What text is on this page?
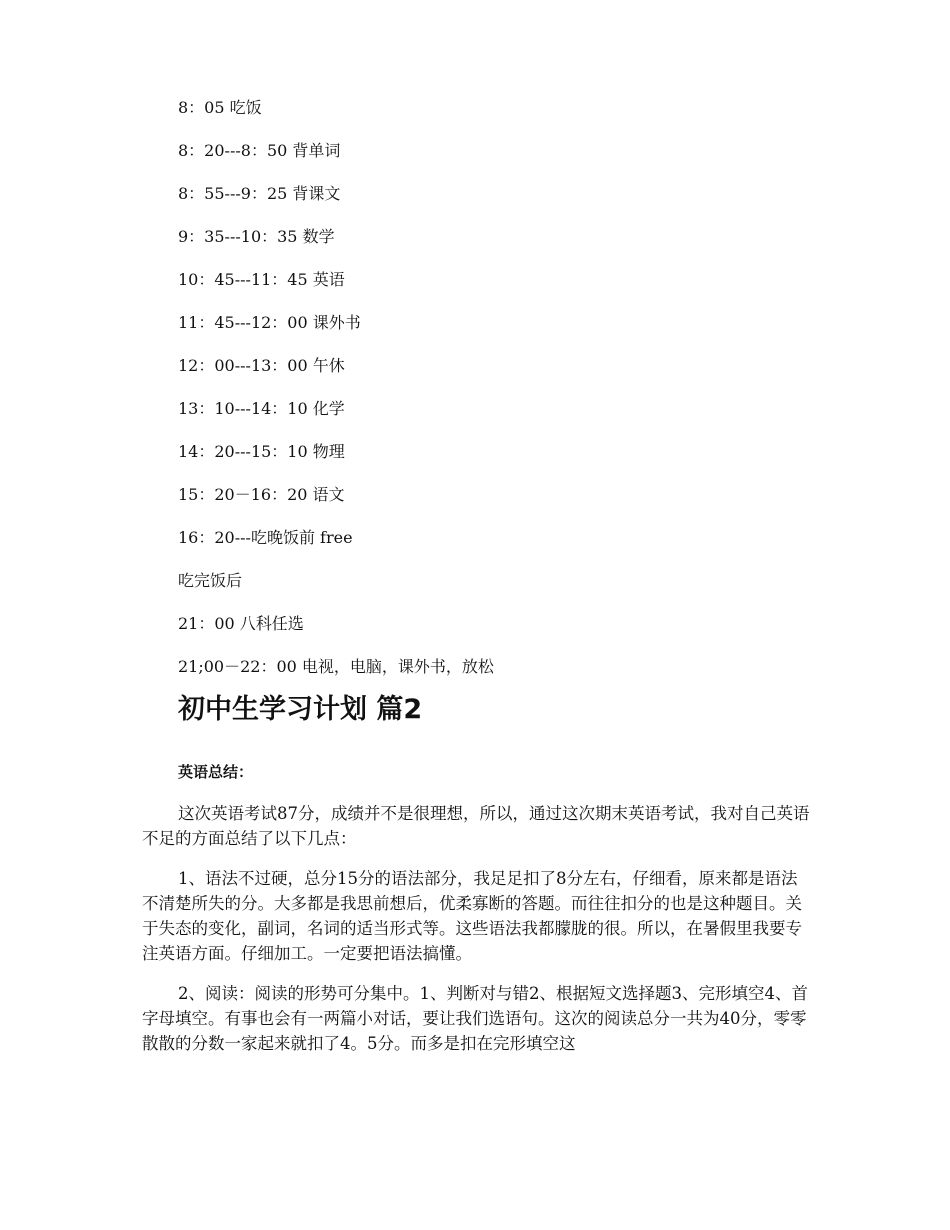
8：05 吃饭
8：20---8：50 背单词
8：55---9：25 背课文
9：35---10：35 数学
10：45---11：45 英语
11：45---12：00 课外书
12：00---13：00 午休
13：10---14：10 化学
14：20---15：10 物理
15：20－16：20 语文
16：20---吃晚饭前 free
吃完饭后
21：00 八科任选
21;00－22：00 电视，电脑，课外书，放松
初中生学习计划 篇2
英语总结：

这次英语考试87分，成绩并不是很理想，所以，通过这次期末英语考试，我对自己英语不足的方面总结了以下几点：

1、语法不过硬，总分15分的语法部分，我足足扣了8分左右，仔细看，原来都是语法不清楚所失的分。大多都是我思前想后，优柔寡断的答题。而往往扣分的也是这种题目。关于失态的变化，副词，名词的适当形式等。这些语法我都朦胧的很。所以，在暑假里我要专注英语方面。仔细加工。一定要把语法搞懂。

2、阅读：阅读的形势可分集中。1、判断对与错2、根据短文选择题3、完形填空4、首字母填空。有事也会有一两篇小对话，要让我们选语句。这次的阅读总分一共为40分，零零散散的分数一家起来就扣了4。5分。而多是扣在完形填空这
